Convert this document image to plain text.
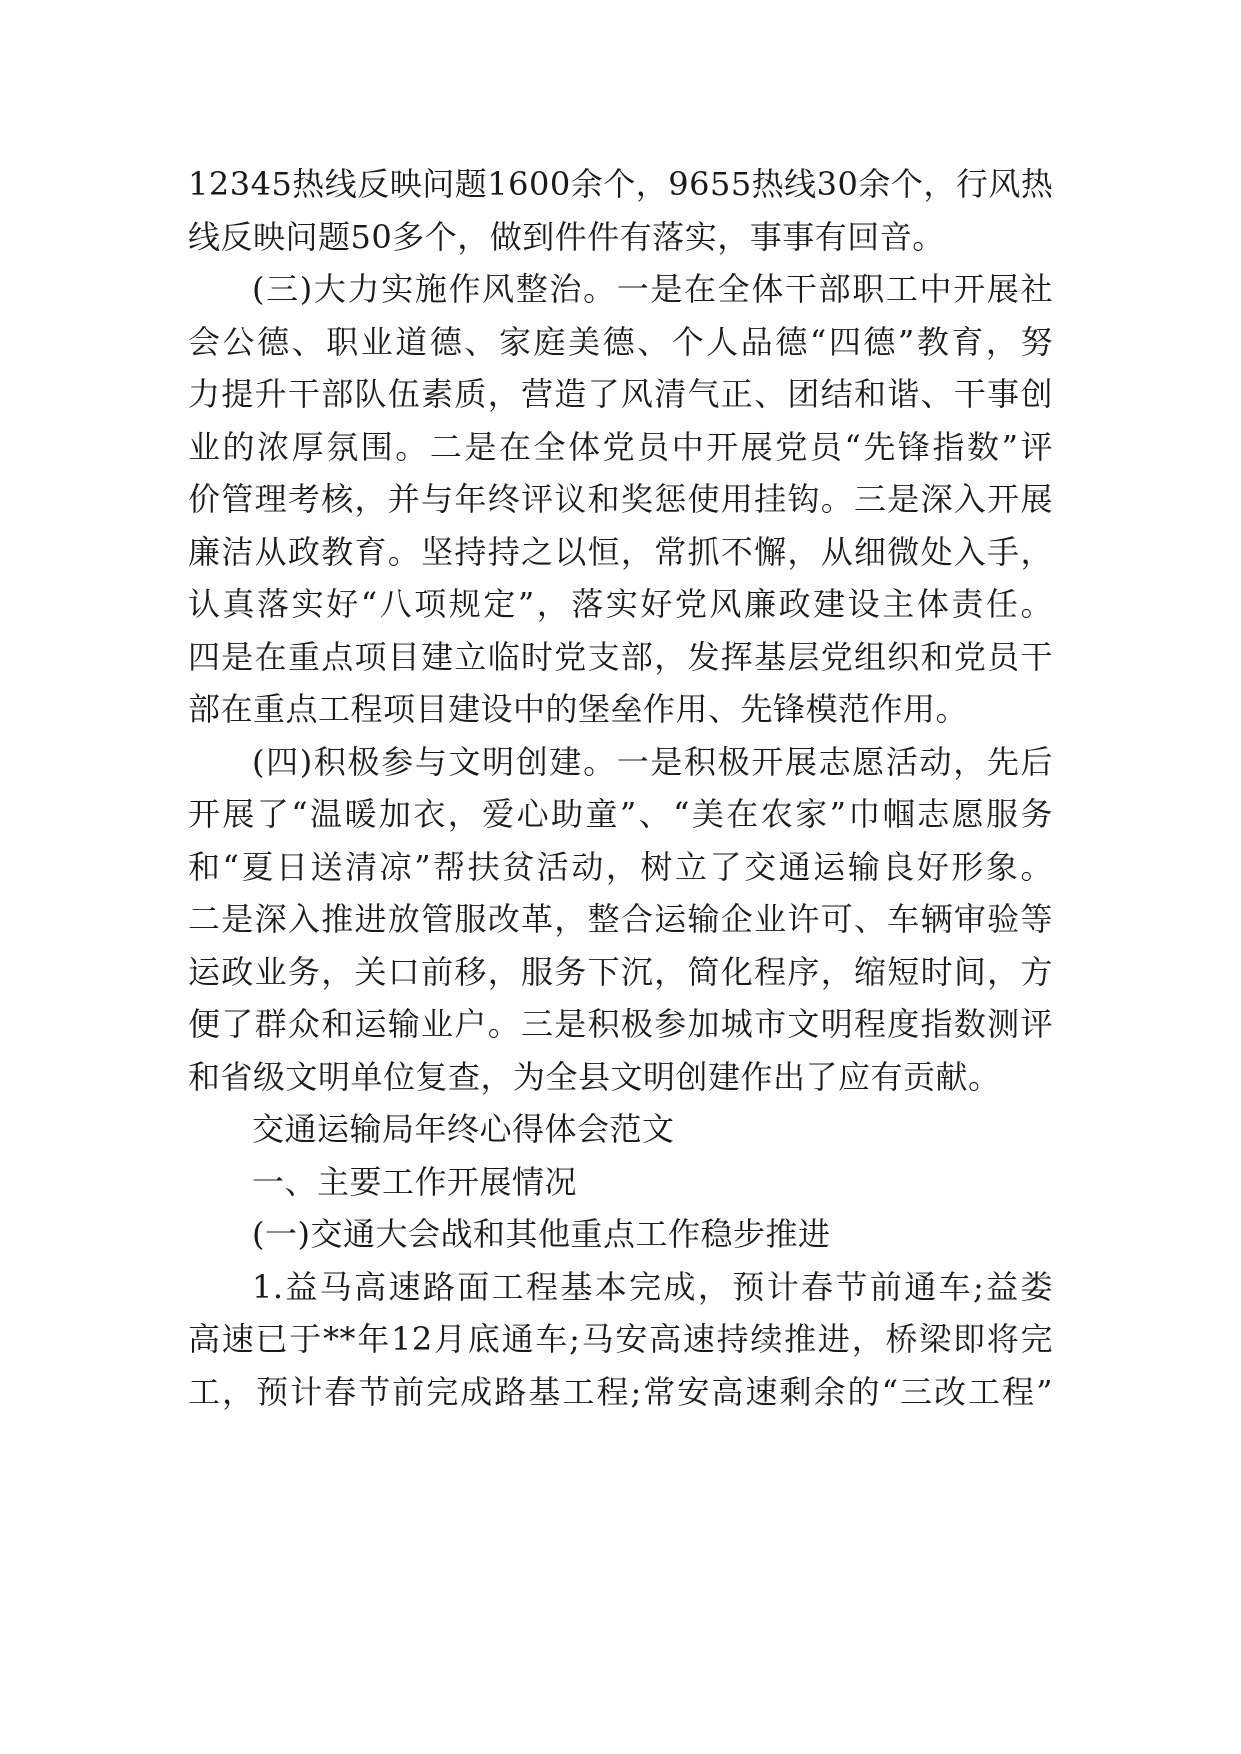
12345热线反映问题1600余个，9655热线30余个，行风热
线反映问题50多个，做到件件有落实，事事有回音。
(三)大力实施作风整治。一是在全体干部职工中开展社
会公德、职业道德、家庭美德、个人品德“四德”教育，努
力提升干部队伍素质，营造了风清气正、团结和谐、干事创
业的浓厚氛围。二是在全体党员中开展党员“先锋指数”评
价管理考核，并与年终评议和奖惩使用挂钩。三是深入开展
廉洁从政教育。坚持持之以恒，常抓不懈，从细微处入手，
认真落实好“八项规定”，落实好党风廉政建设主体责任。
四是在重点项目建立临时党支部，发挥基层党组织和党员干
部在重点工程项目建设中的堡垒作用、先锋模范作用。
(四)积极参与文明创建。一是积极开展志愿活动，先后
开展了“温暖加衣，爱心助童”、“美在农家”巾帼志愿服务
和“夏日送清凉”帮扶贫活动，树立了交通运输良好形象。
二是深入推进放管服改革，整合运输企业许可、车辆审验等
运政业务，关口前移，服务下沉，简化程序，缩短时间，方
便了群众和运输业户。三是积极参加城市文明程度指数测评
和省级文明单位复查，为全县文明创建作出了应有贡献。
交通运输局年终心得体会范文
一、主要工作开展情况
(一)交通大会战和其他重点工作稳步推进
1.益马高速路面工程基本完成，预计春节前通车;益娄
高速已于**年12月底通车;马安高速持续推进，桥梁即将完
工，预计春节前完成路基工程;常安高速剩余的“三改工程”
